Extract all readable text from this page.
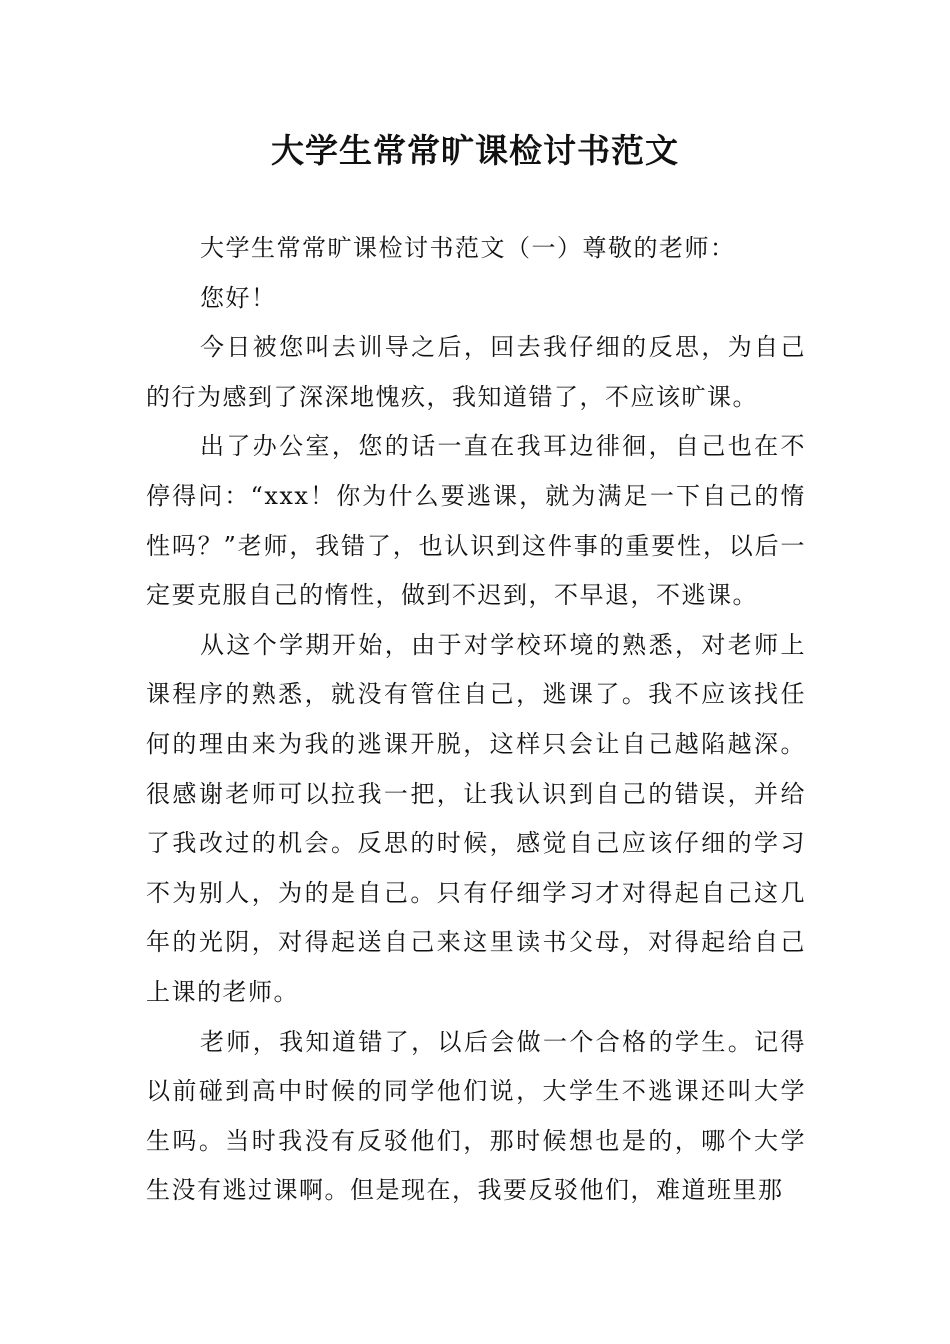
大学生常常旷课检讨书范文

大学生常常旷课检讨书范文（一）尊敬的老师：

您好！

今日被您叫去训导之后，回去我仔细的反思，为自己的行为感到了深深地愧疚，我知道错了，不应该旷课。

出了办公室，您的话一直在我耳边徘徊，自己也在不停得问：“xxx！你为什么要逃课，就为满足一下自己的惰性吗？”老师，我错了，也认识到这件事的重要性，以后一定要克服自己的惰性，做到不迟到，不早退，不逃课。

从这个学期开始，由于对学校环境的熟悉，对老师上课程序的熟悉，就没有管住自己，逃课了。我不应该找任何的理由来为我的逃课开脱，这样只会让自己越陷越深。很感谢老师可以拉我一把，让我认识到自己的错误，并给了我改过的机会。反思的时候，感觉自己应该仔细的学习不为别人，为的是自己。只有仔细学习才对得起自己这几年的光阴，对得起送自己来这里读书父母，对得起给自己上课的老师。

老师，我知道错了，以后会做一个合格的学生。记得以前碰到高中时候的同学他们说，大学生不逃课还叫大学生吗。当时我没有反驳他们，那时候想也是的，哪个大学生没有逃过课啊。但是现在，我要反驳他们，难道班里那
